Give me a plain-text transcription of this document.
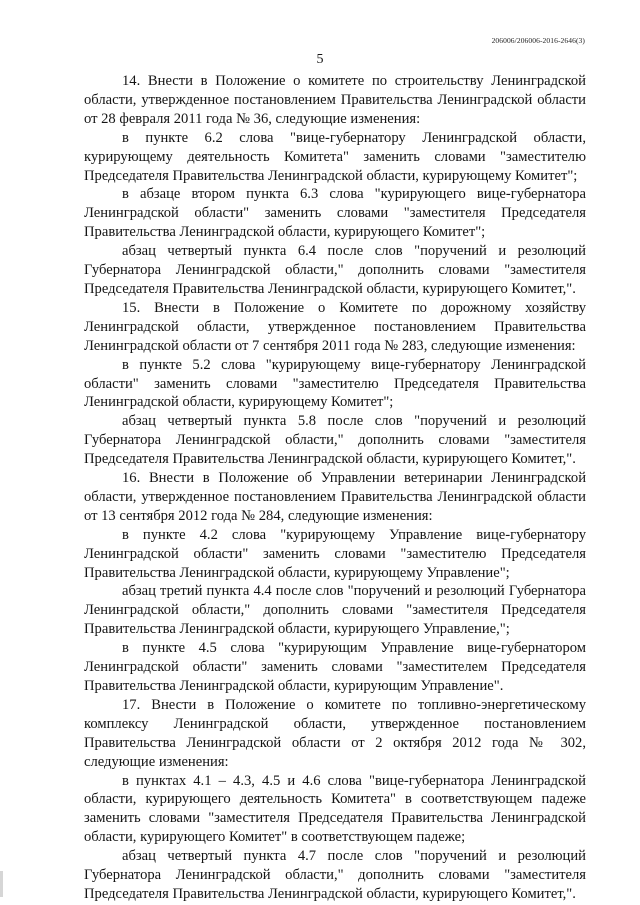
206006/206006-2016-2646(3)
5

14. Внести в Положение о комитете по строительству Ленинградской области, утвержденное постановлением Правительства Ленинградской области от 28 февраля 2011 года № 36, следующие изменения:

в пункте 6.2 слова "вице-губернатору Ленинградской области, курирующему деятельность Комитета" заменить словами "заместителю Председателя Правительства Ленинградской области, курирующему Комитет";

в абзаце втором пункта 6.3 слова "курирующего вице-губернатора Ленинградской области" заменить словами "заместителя Председателя Правительства Ленинградской области, курирующего Комитет";

абзац четвертый пункта 6.4 после слов "поручений и резолюций Губернатора Ленинградской области," дополнить словами "заместителя Председателя Правительства Ленинградской области, курирующего Комитет,".

15. Внести в Положение о Комитете по дорожному хозяйству Ленинградской области, утвержденное постановлением Правительства Ленинградской области от 7 сентября 2011 года № 283, следующие изменения:

в пункте 5.2 слова "курирующему вице-губернатору Ленинградской области" заменить словами "заместителю Председателя Правительства Ленинградской области, курирующему Комитет";

абзац четвертый пункта 5.8 после слов "поручений и резолюций Губернатора Ленинградской области," дополнить словами "заместителя Председателя Правительства Ленинградской области, курирующего Комитет,".

16. Внести в Положение об Управлении ветеринарии Ленинградской области, утвержденное постановлением Правительства Ленинградской области от 13 сентября 2012 года № 284, следующие изменения:

в пункте 4.2 слова "курирующему Управление вице-губернатору Ленинградской области" заменить словами "заместителю Председателя Правительства Ленинградской области, курирующему Управление";

абзац третий пункта 4.4 после слов "поручений и резолюций Губернатора Ленинградской области," дополнить словами "заместителя Председателя Правительства Ленинградской области, курирующего Управление,";

в пункте 4.5 слова "курирующим Управление вице-губернатором Ленинградской области" заменить словами "заместителем Председателя Правительства Ленинградской области, курирующим Управление".

17. Внести в Положение о комитете по топливно-энергетическому комплексу Ленинградской области, утвержденное постановлением Правительства Ленинградской области от 2 октября 2012 года № 302, следующие изменения:

в пунктах 4.1 – 4.3, 4.5 и 4.6 слова "вице-губернатора Ленинградской области, курирующего деятельность Комитета" в соответствующем падеже заменить словами "заместителя Председателя Правительства Ленинградской области, курирующего Комитет" в соответствующем падеже;

абзац четвертый пункта 4.7 после слов "поручений и резолюций Губернатора Ленинградской области," дополнить словами "заместителя Председателя Правительства Ленинградской области, курирующего Комитет,".
